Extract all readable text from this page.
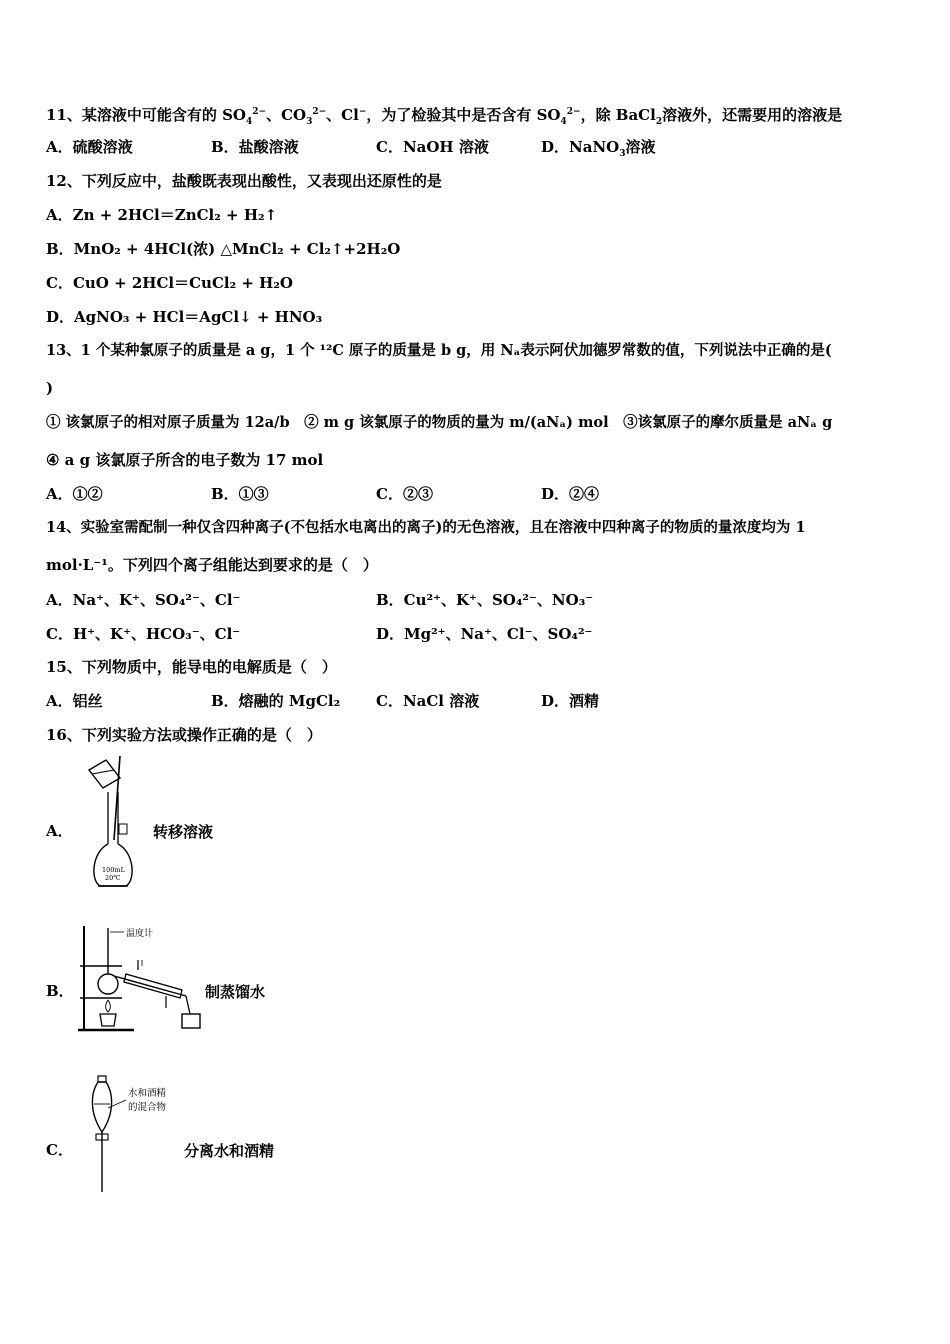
11、某溶液中可能含有的 $SO_4^{2-}$、$CO_3^{2-}$、Cl−，为了检验其中是否含有 $SO_4^{2-}$，除 BaCl$_2$溶液外，还需要用的溶液是
A．硫酸溶液	B．盐酸溶液	C．NaOH 溶液	D．NaNO$_3$溶液
12、下列反应中，盐酸既表现出酸性，又表现出还原性的是
A．Zn + 2HCl＝ZnCl₂ + H₂↑
B．MnO₂ + 4HCl(浓) △MnCl₂ + Cl₂↑+2H₂O
C．CuO + 2HCl＝CuCl₂ + H₂O
D．AgNO₃ + HCl＝AgCl↓ + HNO₃
13、1 个某种氯原子的质量是 a g，1 个 ¹²C 原子的质量是 b g，用 Nₐ表示阿伏加德罗常数的值，下列说法中正确的是(
)
① 该氯原子的相对原子质量为 12a/b　② m g 该氯原子的物质的量为 m/(aNₐ) mol　③该氯原子的摩尔质量是 aNₐ g
④ a g 该氯原子所含的电子数为 17 mol
A．①②	B．①③	C．②③	D．②④
14、实验室需配制一种仅含四种离子(不包括水电离出的离子)的无色溶液，且在溶液中四种离子的物质的量浓度均为 1
mol·L⁻¹。下列四个离子组能达到要求的是（　）
A．Na⁺、K⁺、SO₄²⁻、Cl⁻	B．Cu²⁺、K⁺、SO₄²⁻、NO₃⁻
C．H⁺、K⁺、HCO₃⁻、Cl⁻	D．Mg²⁺、Na⁺、Cl⁻、SO₄²⁻
15、下列物质中，能导电的电解质是（　）
A．铝丝	B．熔融的 MgCl₂ C．NaCl 溶液	D．酒精
16、下列实验方法或操作正确的是（　）
A．
100mL
20℃
转移溶液
B．
温度计
制蒸馏水
C．
水和酒精
的混合物
分离水和酒精
